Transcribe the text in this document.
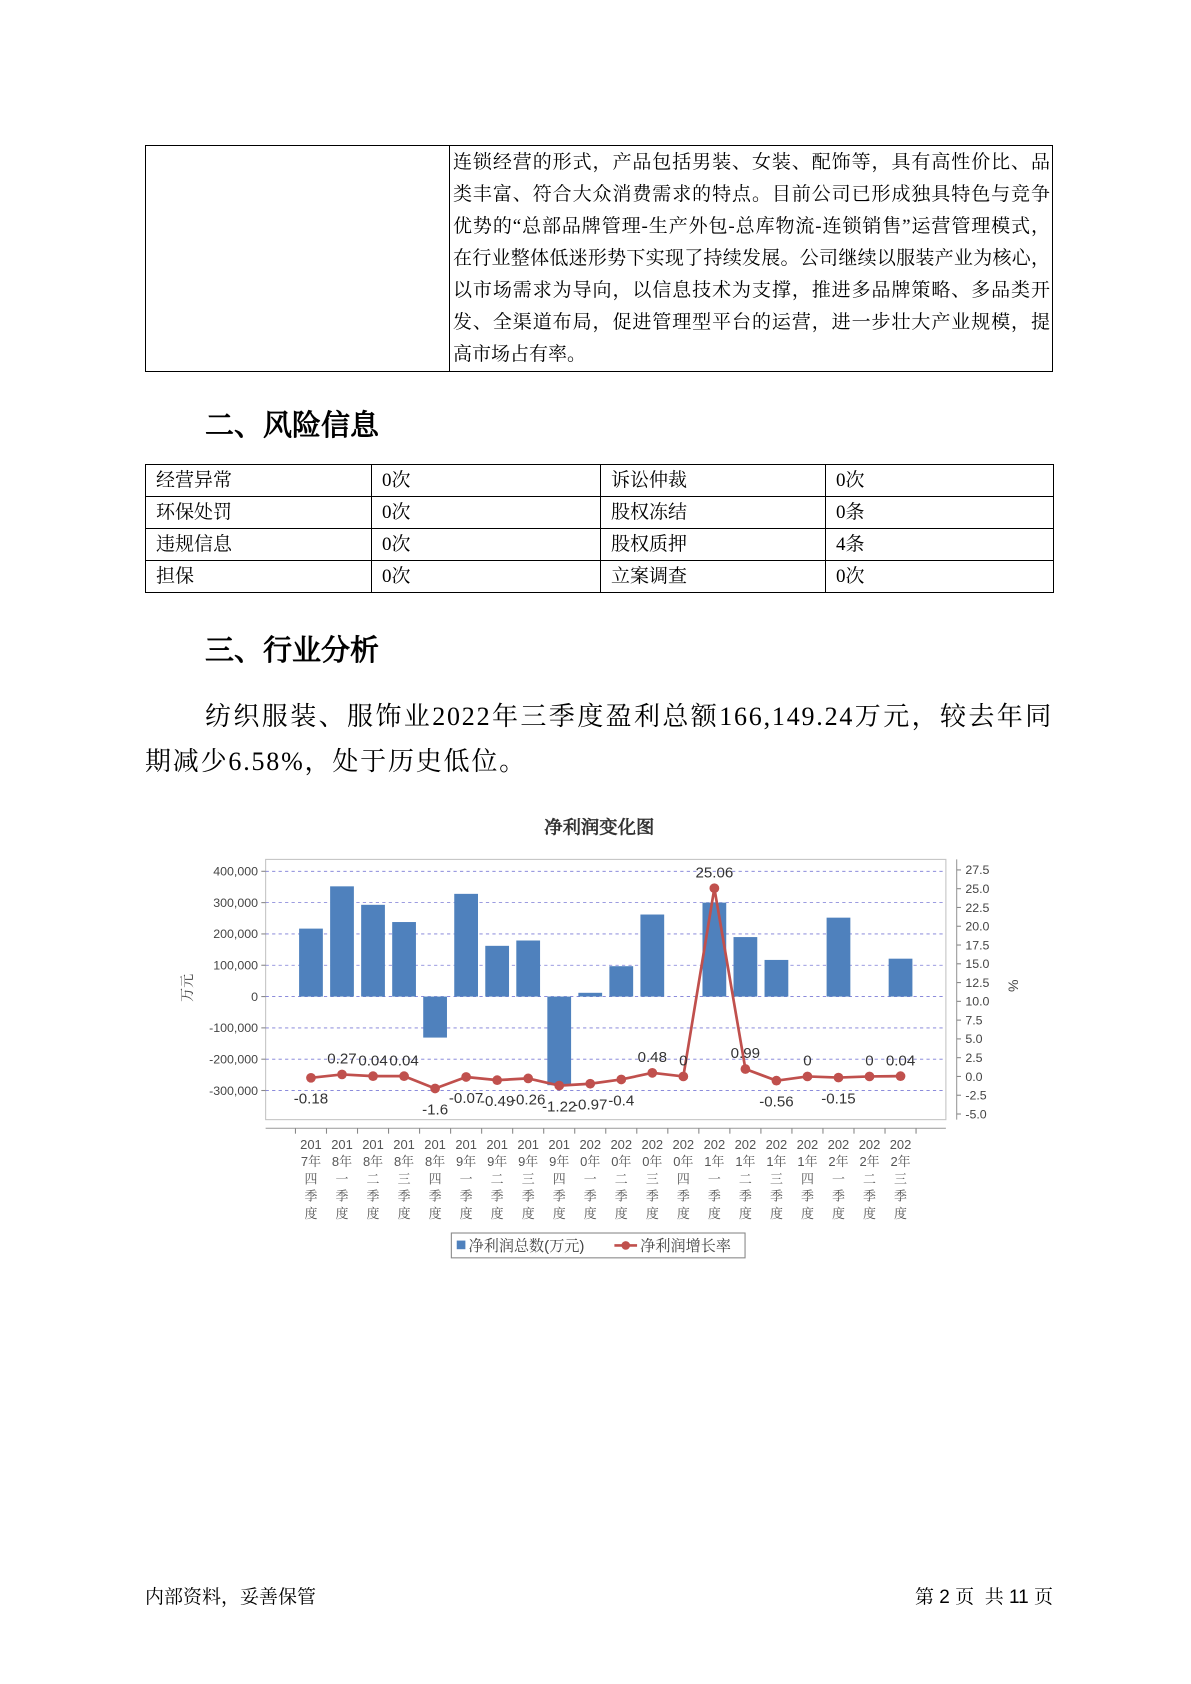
连锁经营的形式，产品包括男装、女装、配饰等，具有高性价比、品
类丰富、符合大众消费需求的特点。目前公司已形成独具特色与竞争
优势的“总部品牌管理-生产外包-总库物流-连锁销售”运营管理模式，
在行业整体低迷形势下实现了持续发展。公司继续以服装产业为核心，
以市场需求为导向，以信息技术为支撑，推进多品牌策略、多品类开
发、全渠道布局，促进管理型平台的运营，进一步壮大产业规模，提
高市场占有率。
二、风险信息
经营异常	0次	诉讼仲裁	0次
环保处罚	0次	股权冻结	0条
违规信息	0次	股权质押	4条
担保	0次	立案调查	0次
三、行业分析

纺织服装、服饰业2022年三季度盈利总额166,149.24万元，较去年同期减少6.58%，处于历史低位。

净利润变化图
万元	%
400,000
300,000
200,000
100,000
0
-100,000
-200,000
-300,000
27.5
25.0
22.5
20.0
17.5
15.0
12.5
10.0
7.5
5.0
2.5
0.0
-2.5
-5.0
201 7年四季度
201 8年一季度
201 8年二季度
201 8年三季度
201 8年四季度
201 9年一季度
201 9年二季度
201 9年三季度
201 9年四季度
202 0年一季度
202 0年二季度
202 0年三季度
202 0年四季度
202 1年一季度
202 1年二季度
202 1年三季度
202 1年四季度
202 2年一季度
202 2年二季度
202 2年三季度
-0.18
0.27 0.04 0.04
-1.6
-0.07
-0.49
-0.26
-1.22
-0.97 -0.4
0.48 0
25.06
0.99
-0.56
0
-0.15
0 0.04
净利润总数(万元)	净利润增长率
内部资料，妥善保管	第 2 页  共 11 页
